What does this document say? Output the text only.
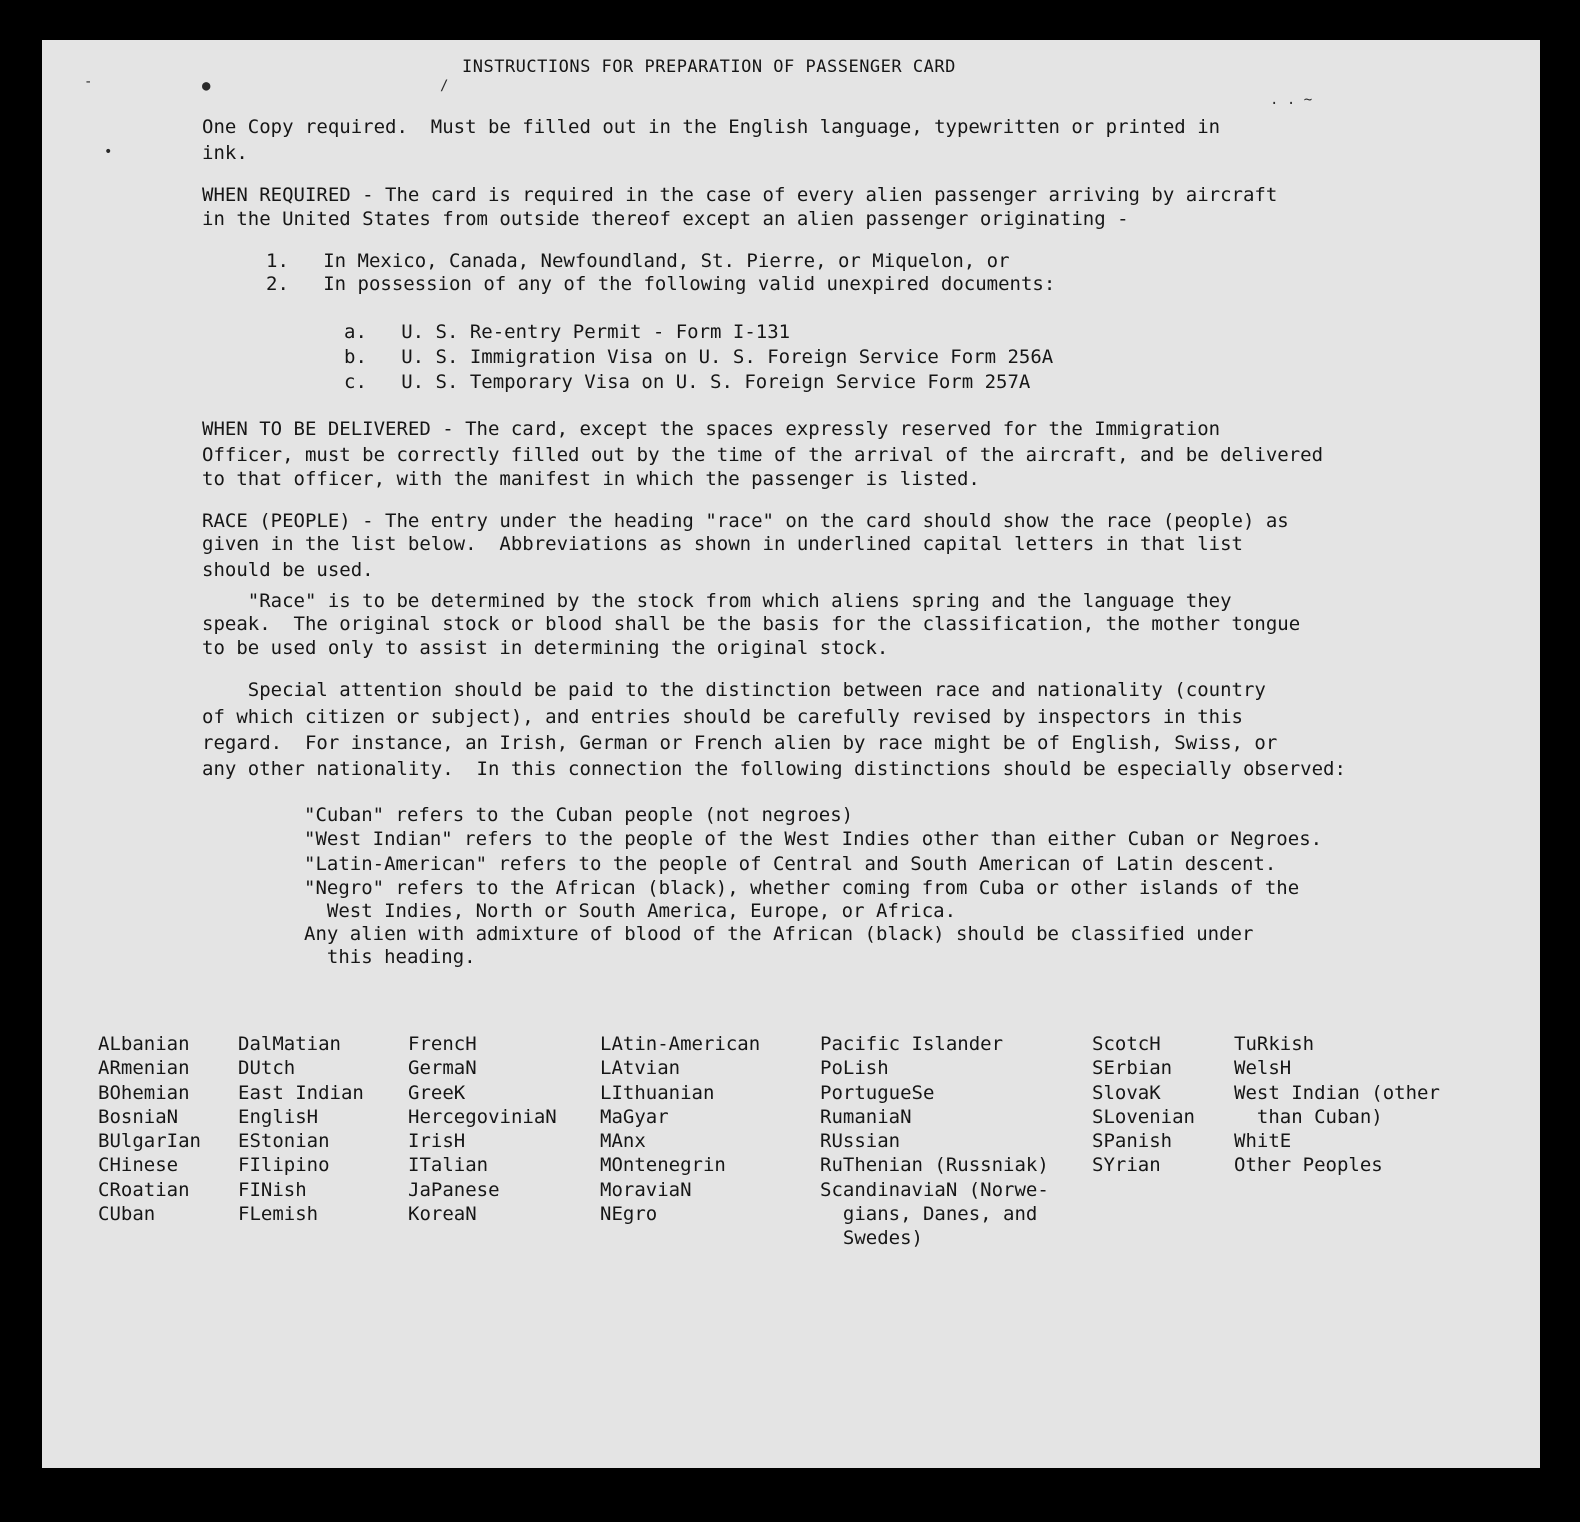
INSTRUCTIONS FOR PREPARATION OF PASSENGER CARD
-	●	/
. . ~
•
One Copy required.  Must be filled out in the English language, typewritten or printed in
ink.
WHEN REQUIRED - The card is required in the case of every alien passenger arriving by aircraft
in the United States from outside thereof except an alien passenger originating -
1.   In Mexico, Canada, Newfoundland, St. Pierre, or Miquelon, or
2.   In possession of any of the following valid unexpired documents:
a.   U. S. Re-entry Permit - Form I-131
b.   U. S. Immigration Visa on U. S. Foreign Service Form 256A
c.   U. S. Temporary Visa on U. S. Foreign Service Form 257A
WHEN TO BE DELIVERED - The card, except the spaces expressly reserved for the Immigration
Officer, must be correctly filled out by the time of the arrival of the aircraft, and be delivered
to that officer, with the manifest in which the passenger is listed.
RACE (PEOPLE) - The entry under the heading "race" on the card should show the race (people) as
given in the list below.  Abbreviations as shown in underlined capital letters in that list
should be used.
"Race" is to be determined by the stock from which aliens spring and the language they
speak.  The original stock or blood shall be the basis for the classification, the mother tongue
to be used only to assist in determining the original stock.
Special attention should be paid to the distinction between race and nationality (country
of which citizen or subject), and entries should be carefully revised by inspectors in this
regard.  For instance, an Irish, German or French alien by race might be of English, Swiss, or
any other nationality.  In this connection the following distinctions should be especially observed:
"Cuban" refers to the Cuban people (not negroes)
"West Indian" refers to the people of the West Indies other than either Cuban or Negroes.
"Latin-American" refers to the people of Central and South American of Latin descent.
"Negro" refers to the African (black), whether coming from Cuba or other islands of the
West Indies, North or South America, Europe, or Africa.
Any alien with admixture of blood of the African (black) should be classified under
this heading.
ALbanian
ARmenian
BOhemian
BosniaN
BUlgarIan
CHinese
CRoatian
CUban
DalMatian
DUtch
East Indian
EnglisH
EStonian
FIlipino
FINish
FLemish
FrencH
GermaN
GreeK
HercegoviniaN
IrisH
ITalian
JaPanese
KoreaN
LAtin-American
LAtvian
LIthuanian
MaGyar
MAnx
MOntenegrin
MoraviaN
NEgro
Pacific Islander
PoLish
PortugueSe
RumaniaN
RUssian
RuThenian (Russniak)
ScandinaviaN (Norwe-
gians, Danes, and
Swedes)
ScotcH
SErbian
SlovaK
SLovenian
SPanish
SYrian
TuRkish
WelsH
West Indian (other
than Cuban)
WhitE
Other Peoples
